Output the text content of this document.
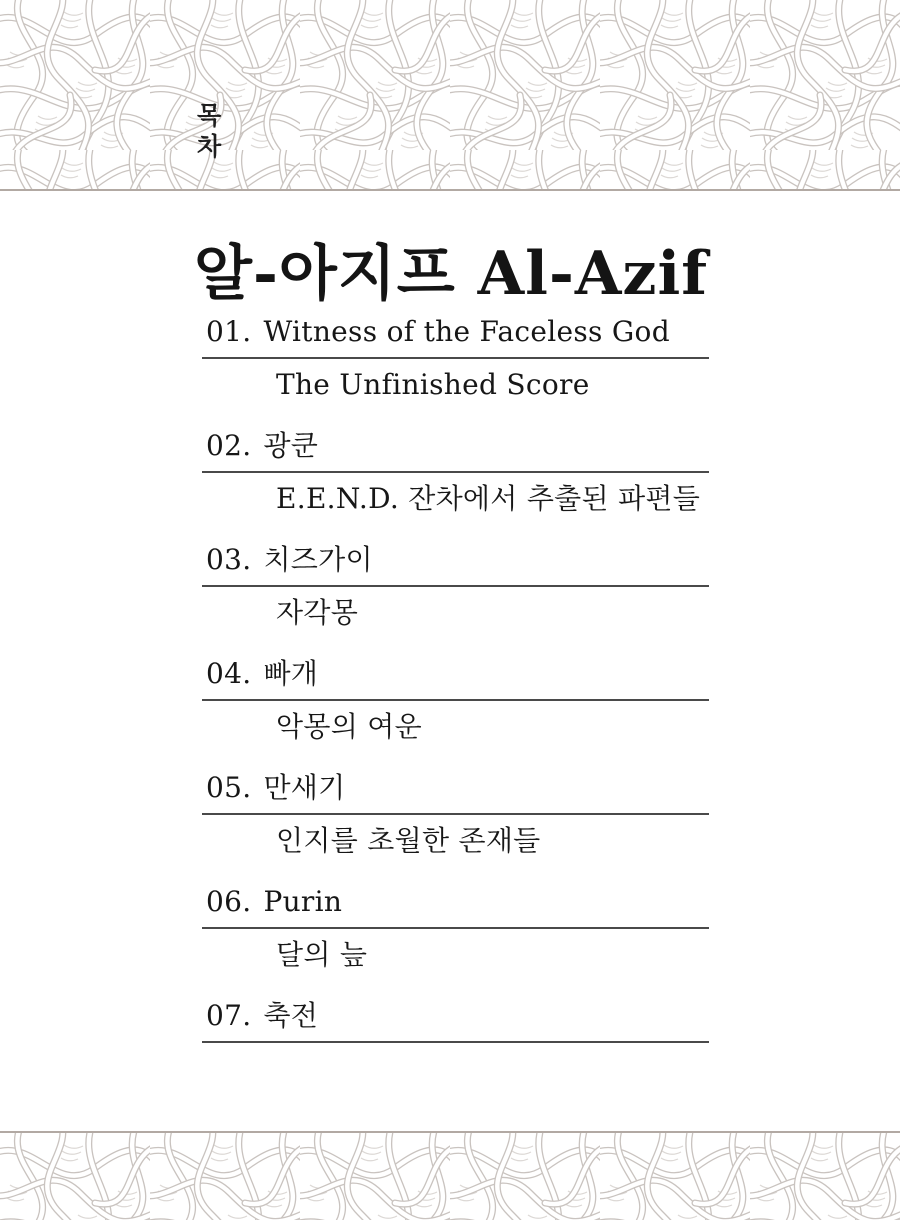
목차
알-아지프 Al-Azif
01. Witness of the Faceless God
The Unfinished Score
02. 광쿤
E.E.N.D. 잔차에서 추출된 파편들
03. 치즈가이
자각몽
04. 빠개
악몽의 여운
05. 만새기
인지를 초월한 존재들
06. Purin
달의 늪
07. 축전
